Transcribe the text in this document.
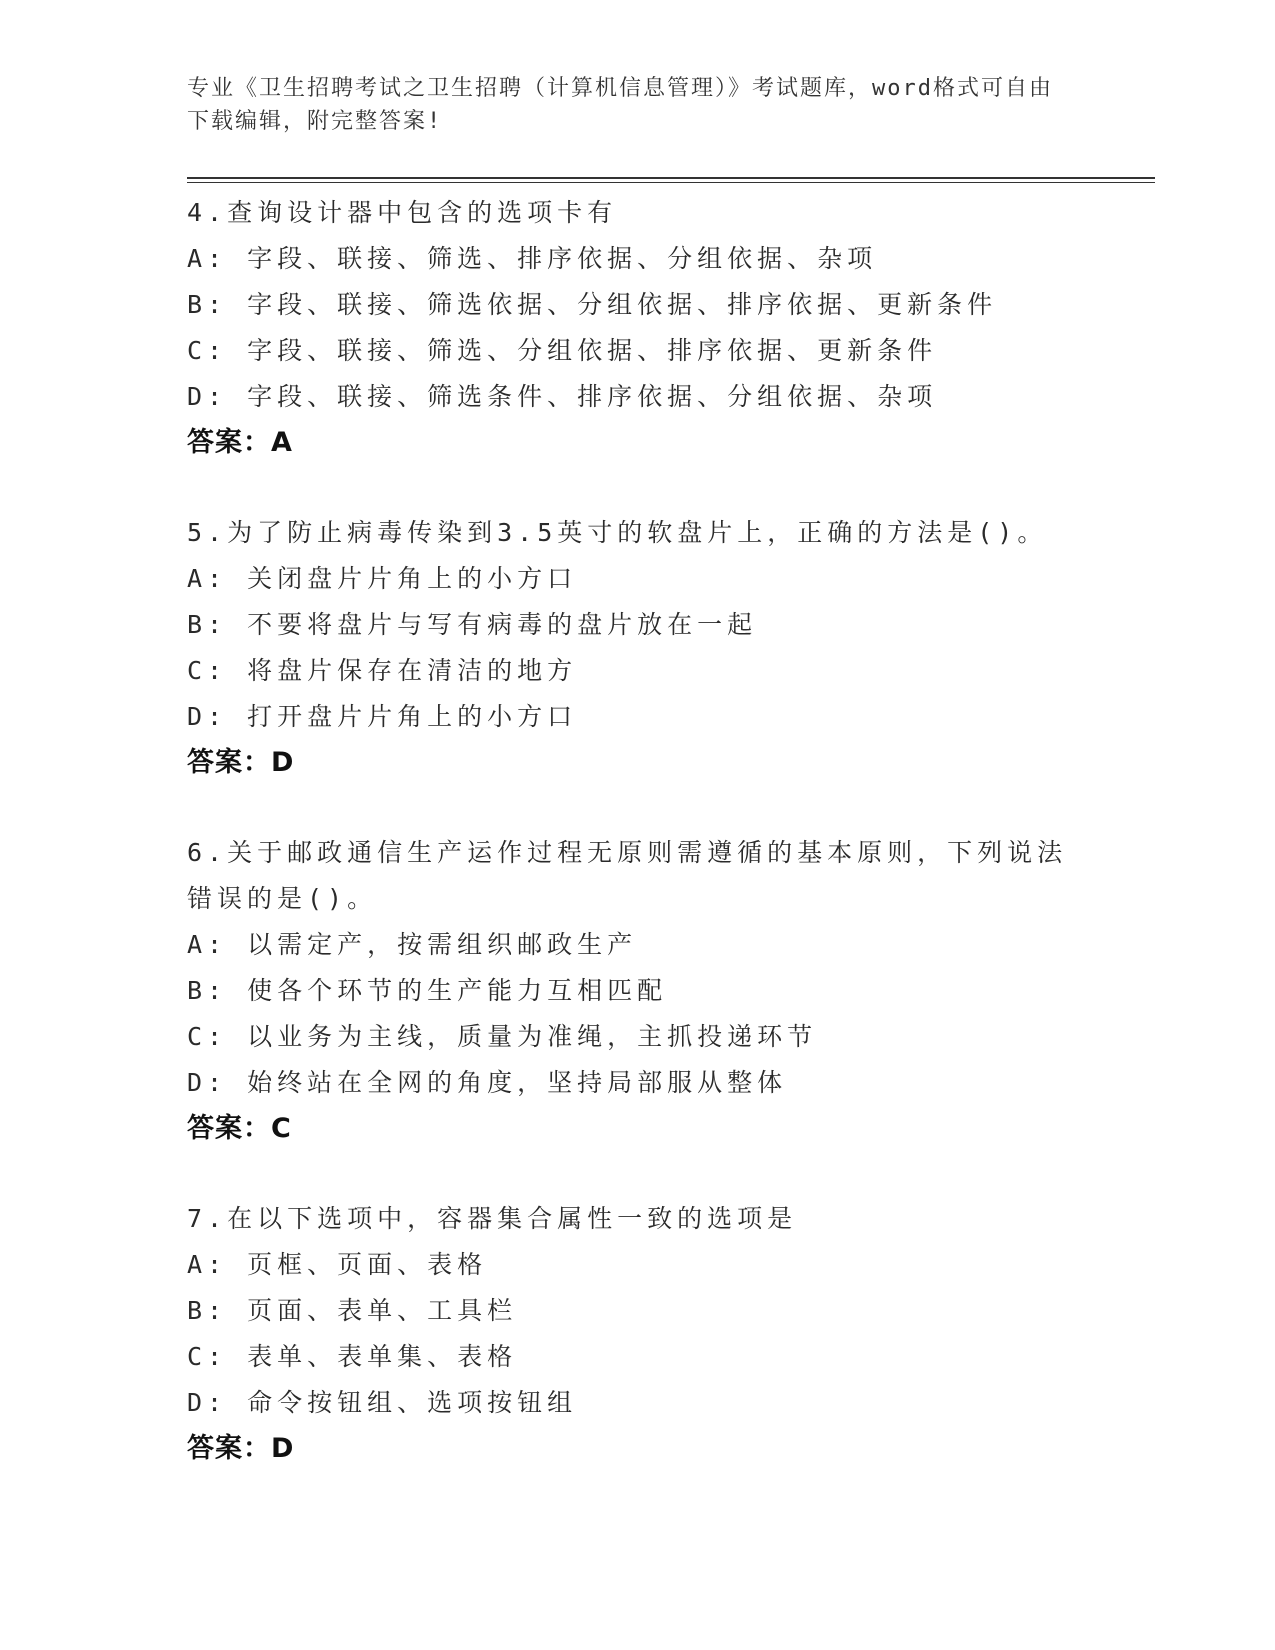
专业《卫生招聘考试之卫生招聘（计算机信息管理）》考试题库，word格式可自由下载编辑，附完整答案!
4.查询设计器中包含的选项卡有
A: 字段、联接、筛选、排序依据、分组依据、杂项
B: 字段、联接、筛选依据、分组依据、排序依据、更新条件
C: 字段、联接、筛选、分组依据、排序依据、更新条件
D: 字段、联接、筛选条件、排序依据、分组依据、杂项
答案：A
5.为了防止病毒传染到3.5英寸的软盘片上，正确的方法是()。
A: 关闭盘片片角上的小方口
B: 不要将盘片与写有病毒的盘片放在一起
C: 将盘片保存在清洁的地方
D: 打开盘片片角上的小方口
答案：D
6.关于邮政通信生产运作过程无原则需遵循的基本原则，下列说法错误的是()。
A: 以需定产，按需组织邮政生产
B: 使各个环节的生产能力互相匹配
C: 以业务为主线，质量为准绳，主抓投递环节
D: 始终站在全网的角度，坚持局部服从整体
答案：C
7.在以下选项中，容器集合属性一致的选项是
A: 页框、页面、表格
B: 页面、表单、工具栏
C: 表单、表单集、表格
D: 命令按钮组、选项按钮组
答案：D
